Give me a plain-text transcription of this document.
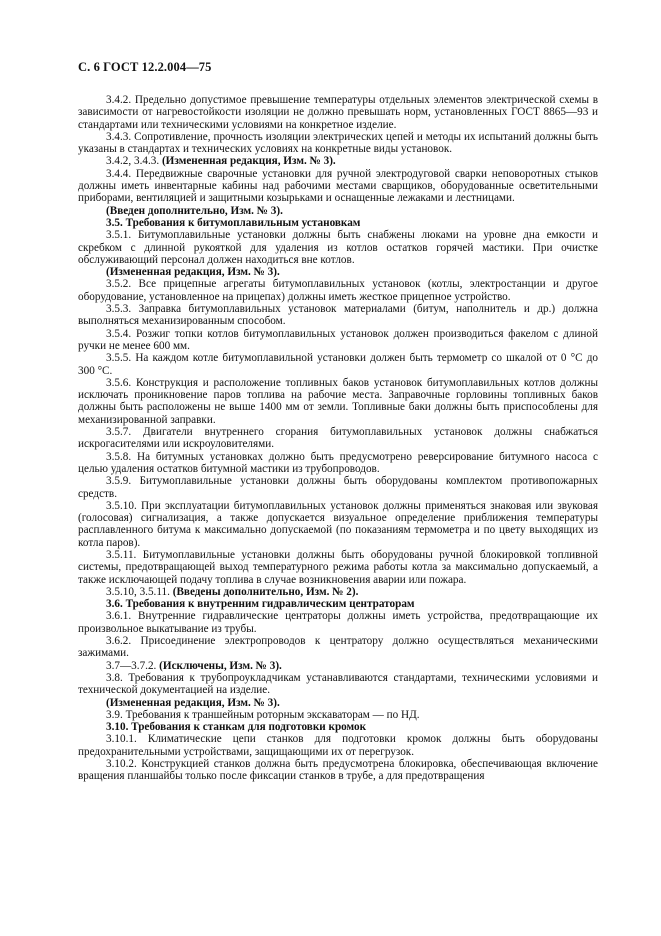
С. 6 ГОСТ 12.2.004—75

3.4.2. Предельно допустимое превышение температуры отдельных элементов электрической схемы в зависимости от нагревостойкости изоляции не должно превышать норм, установленных ГОСТ 8865—93 и стандартами или техническими условиями на конкретное изделие.

3.4.3. Сопротивление, прочность изоляции электрических цепей и методы их испытаний должны быть указаны в стандартах и технических условиях на конкретные виды установок.

3.4.2, 3.4.3. (Измененная редакция, Изм. № 3).

3.4.4. Передвижные сварочные установки для ручной электродуговой сварки неповоротных стыков должны иметь инвентарные кабины над рабочими местами сварщиков, оборудованные осветительными приборами, вентиляцией и защитными козырьками и оснащенные лежаками и лестницами.

(Введен дополнительно, Изм. № 3).

3.5. Требования к битумоплавильным установкам

3.5.1. Битумоплавильные установки должны быть снабжены люками на уровне дна емкости и скребком с длинной рукояткой для удаления из котлов остатков горячей мастики. При очистке обслуживающий персонал должен находиться вне котлов.

(Измененная редакция, Изм. № 3).

3.5.2. Все прицепные агрегаты битумоплавильных установок (котлы, электростанции и другое оборудование, установленное на прицепах) должны иметь жесткое прицепное устройство.

3.5.3. Заправка битумоплавильных установок материалами (битум, наполнитель и др.) должна выполняться механизированным способом.

3.5.4. Розжиг топки котлов битумоплавильных установок должен производиться факелом с длиной ручки не менее 600 мм.

3.5.5. На каждом котле битумоплавильной установки должен быть термометр со шкалой от 0 °С до 300 °С.

3.5.6. Конструкция и расположение топливных баков установок битумоплавильных котлов должны исключать проникновение паров топлива на рабочие места. Заправочные горловины топливных баков должны быть расположены не выше 1400 мм от земли. Топливные баки должны быть приспособлены для механизированной заправки.

3.5.7. Двигатели внутреннего сгорания битумоплавильных установок должны снабжаться искрогасителями или искроуловителями.

3.5.8. На битумных установках должно быть предусмотрено реверсирование битумного насоса с целью удаления остатков битумной мастики из трубопроводов.

3.5.9. Битумоплавильные установки должны быть оборудованы комплектом противопожарных средств.

3.5.10. При эксплуатации битумоплавильных установок должны применяться знаковая или звуковая (голосовая) сигнализация, а также допускается визуальное определение приближения температуры расплавленного битума к максимально допускаемой (по показаниям термометра и по цвету выходящих из котла паров).

3.5.11. Битумоплавильные установки должны быть оборудованы ручной блокировкой топливной системы, предотвращающей выход температурного режима работы котла за максимально допускаемый, а также исключающей подачу топлива в случае возникновения аварии или пожара.

3.5.10, 3.5.11. (Введены дополнительно, Изм. № 2).

3.6. Требования к внутренним гидравлическим центраторам

3.6.1. Внутренние гидравлические центраторы должны иметь устройства, предотвращающие их произвольное выкатывание из трубы.

3.6.2. Присоединение электропроводов к центратору должно осуществляться механическими зажимами.

3.7—3.7.2. (Исключены, Изм. № 3).

3.8. Требования к трубопроукладчикам устанавливаются стандартами, техническими условиями и технической документацией на изделие.

(Измененная редакция, Изм. № 3).

3.9. Требования к траншейным роторным экскаваторам — по НД.

3.10. Требования к станкам для подготовки кромок

3.10.1. Климатические цепи станков для подготовки кромок должны быть оборудованы предохранительными устройствами, защищающими их от перегрузок.

3.10.2. Конструкцией станков должна быть предусмотрена блокировка, обеспечивающая включение вращения планшайбы только после фиксации станков в трубе, а для предотвращения
